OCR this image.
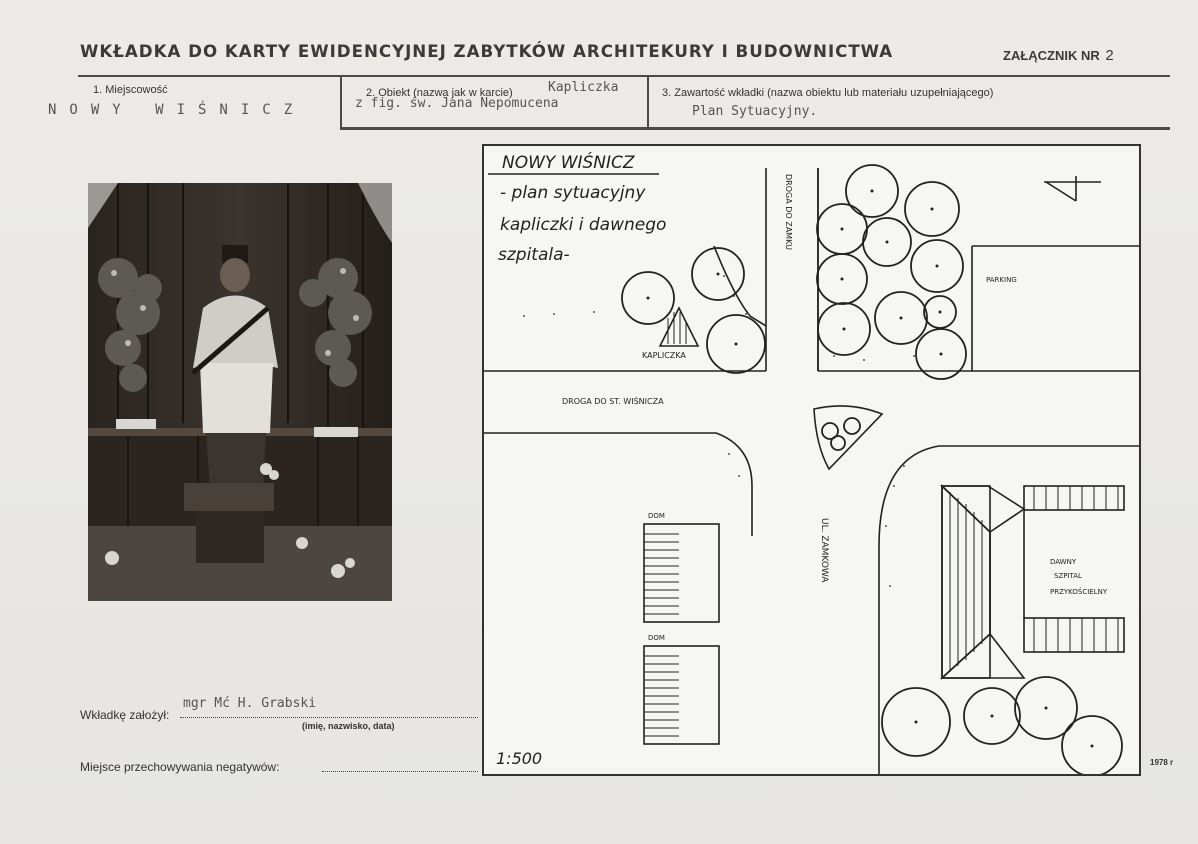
WKŁADKA DO KARTY EWIDENCYJNEJ ZABYTKÓW ARCHITEKURY I BUDOWNICTWA	ZAŁĄCZNIK NR 2
1. Miejscowość
NOWY WIŚNICZ
2. Obiekt (nazwa jak w karcie)	Kapliczka
z fig. św. Jana Nepomucena
3. Zawartość wkładki (nazwa obiektu lub materiału uzupełniającego)
Plan Sytuacyjny.
NOWY WIŚNICZ
- plan sytuacyjny
kapliczki i dawnego
szpitala-
1:500
KAPLICZKA
DROGA DO ZAMKU
PARKING
DROGA DO ST. WIŚNICZA
DOM
DOM
UL. ZAMKOWA	DAWNY
SZPITAL
PRZYKOŚCIELNY
Wkładkę założył:
mgr Mć H. Grabski
(imię, nazwisko, data)
Miejsce przechowywania negatywów:	1978 r
